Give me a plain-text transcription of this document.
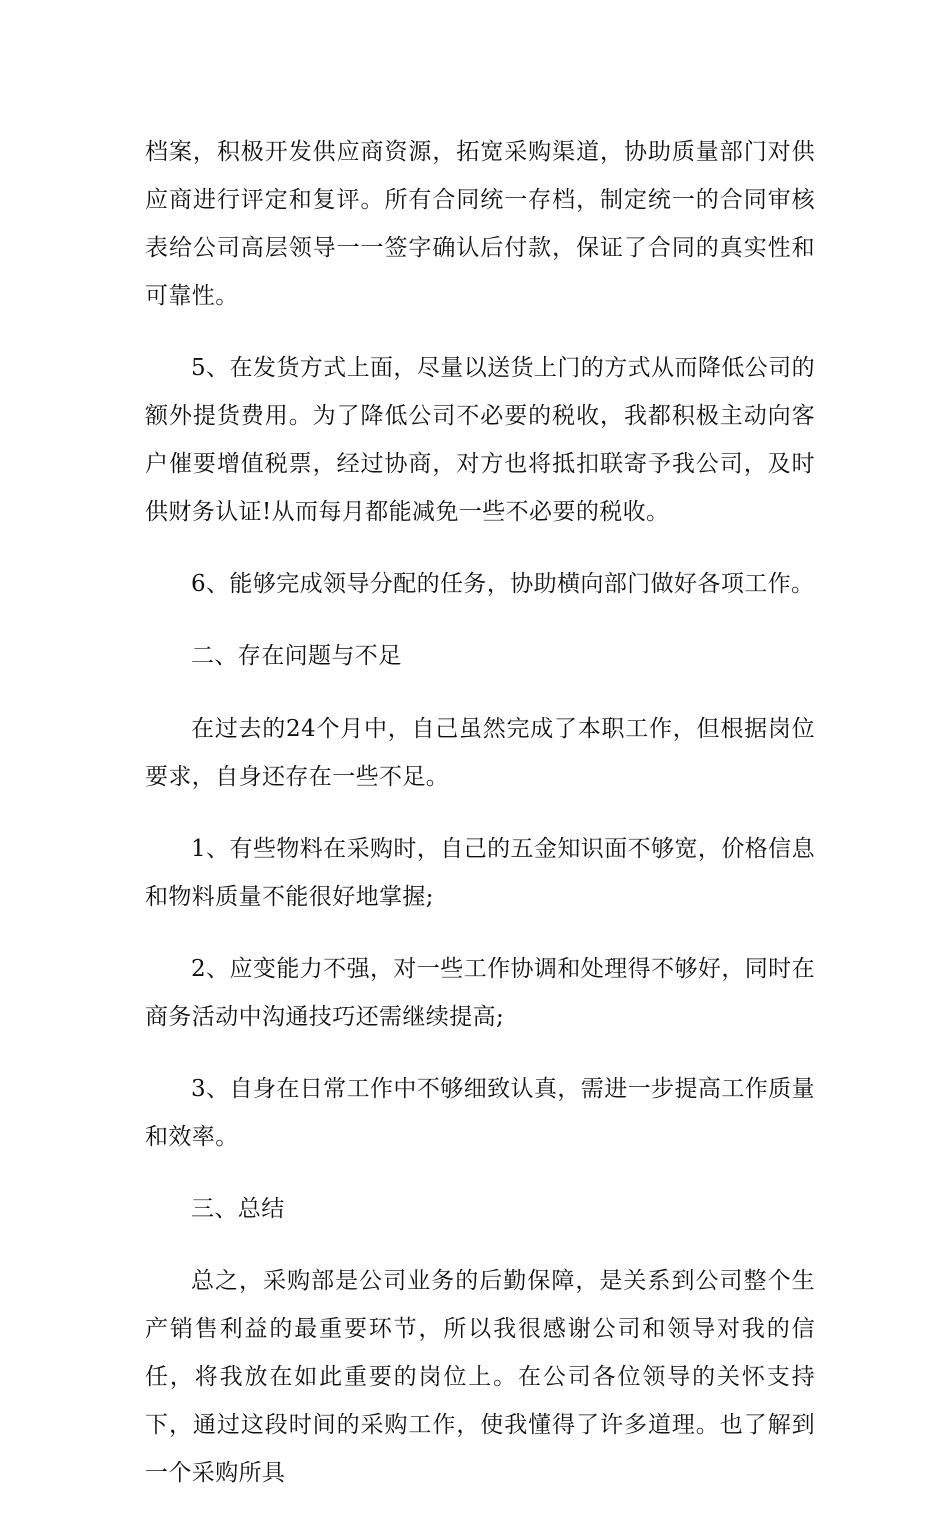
档案，积极开发供应商资源，拓宽采购渠道，协助质量部门对供应商进行评定和复评。所有合同统一存档，制定统一的合同审核表给公司高层领导一一签字确认后付款，保证了合同的真实性和可靠性。

5、在发货方式上面，尽量以送货上门的方式从而降低公司的额外提货费用。为了降低公司不必要的税收，我都积极主动向客户催要增值税票，经过协商，对方也将抵扣联寄予我公司，及时供财务认证!从而每月都能减免一些不必要的税收。

6、能够完成领导分配的任务，协助横向部门做好各项工作。

二、存在问题与不足

在过去的24个月中，自己虽然完成了本职工作，但根据岗位要求，自身还存在一些不足。

1、有些物料在采购时，自己的五金知识面不够宽，价格信息和物料质量不能很好地掌握;

2、应变能力不强，对一些工作协调和处理得不够好，同时在商务活动中沟通技巧还需继续提高;

3、自身在日常工作中不够细致认真，需进一步提高工作质量和效率。

三、总结

总之，采购部是公司业务的后勤保障，是关系到公司整个生产销售利益的最重要环节，所以我很感谢公司和领导对我的信任，将我放在如此重要的岗位上。在公司各位领导的关怀支持下，通过这段时间的采购工作，使我懂得了许多道理。也了解到一个采购所具
